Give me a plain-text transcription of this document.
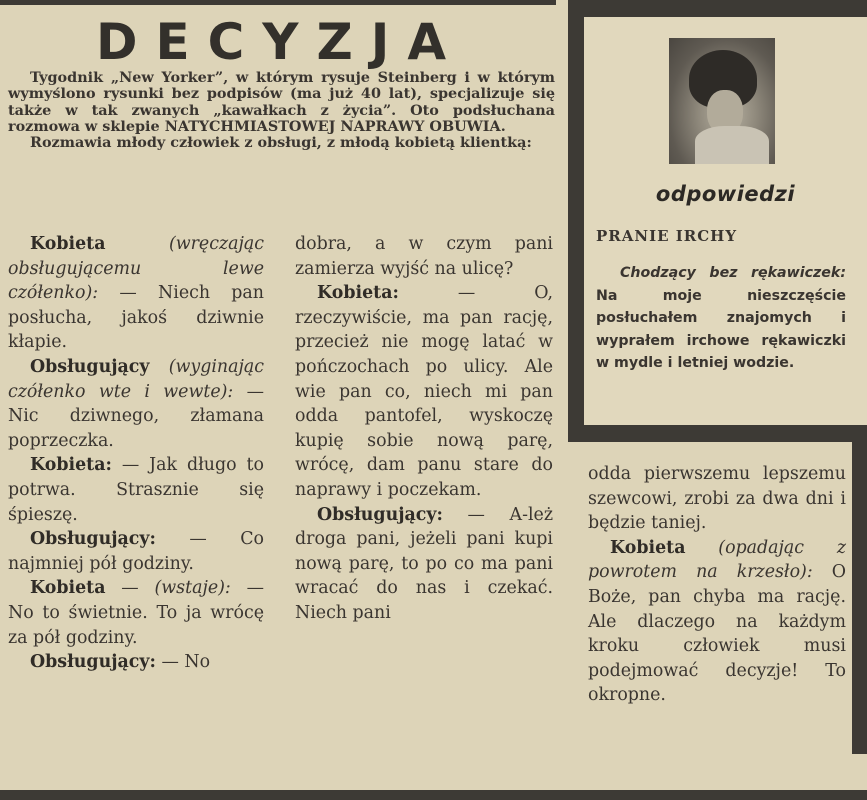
DECYZJA

Tygodnik „New Yorker”, w którym rysuje Steinberg i w którym wymyślono rysunki bez podpisów (ma już 40 lat), specjalizuje się także w tak zwanych „kawałkach z życia”. Oto podsłuchana rozmowa w sklepie NATYCHMIASTOWEJ NAPRAWY OBUWIA.

Rozmawia młody człowiek z obsługi, z młodą kobietą klientką:

Kobieta	(wręczając obsługującemu lewe czółenko): — Niech pan posłucha, jakoś dziwnie kłapie.

Obsługujący (wyginając czółenko wte i wewte): — Nic dziwnego, złamana poprzeczka.

Kobieta: — Jak długo to potrwa. Strasznie się śpieszę.

Obsługujący: — Co najmniej pół godziny.

Kobieta — (wstaje): — No to świetnie. To ja wrócę za pół godziny.

Obsługujący: — No

dobra, a w czym pani zamierza wyjść na ulicę?

Kobieta:	— O, rzeczywiście, ma pan rację, przecież nie mogę latać w pończochach po ulicy. Ale wie pan co, niech mi pan odda pantofel, wyskoczę kupię sobie nową parę, wrócę, dam panu stare do naprawy i poczekam.

Obsługujący: — A-leż droga pani, jeżeli pani kupi nową parę, to po co ma pani wracać do nas i czekać. Niech pani

odpowiedzi
PRANIE IRCHY

Chodzący bez rękawiczek: Na moje nieszczęście posłuchałem znajomych i wyprałem irchowe rękawiczki w mydle i letniej wodzie.

odda pierwszemu lepszemu szewcowi, zrobi za dwa dni i będzie taniej.

Kobieta (opadając z powrotem na krzesło): O Boże, pan chyba ma rację. Ale dlaczego na każdym kroku człowiek musi podejmować decyzje! To okropne.
